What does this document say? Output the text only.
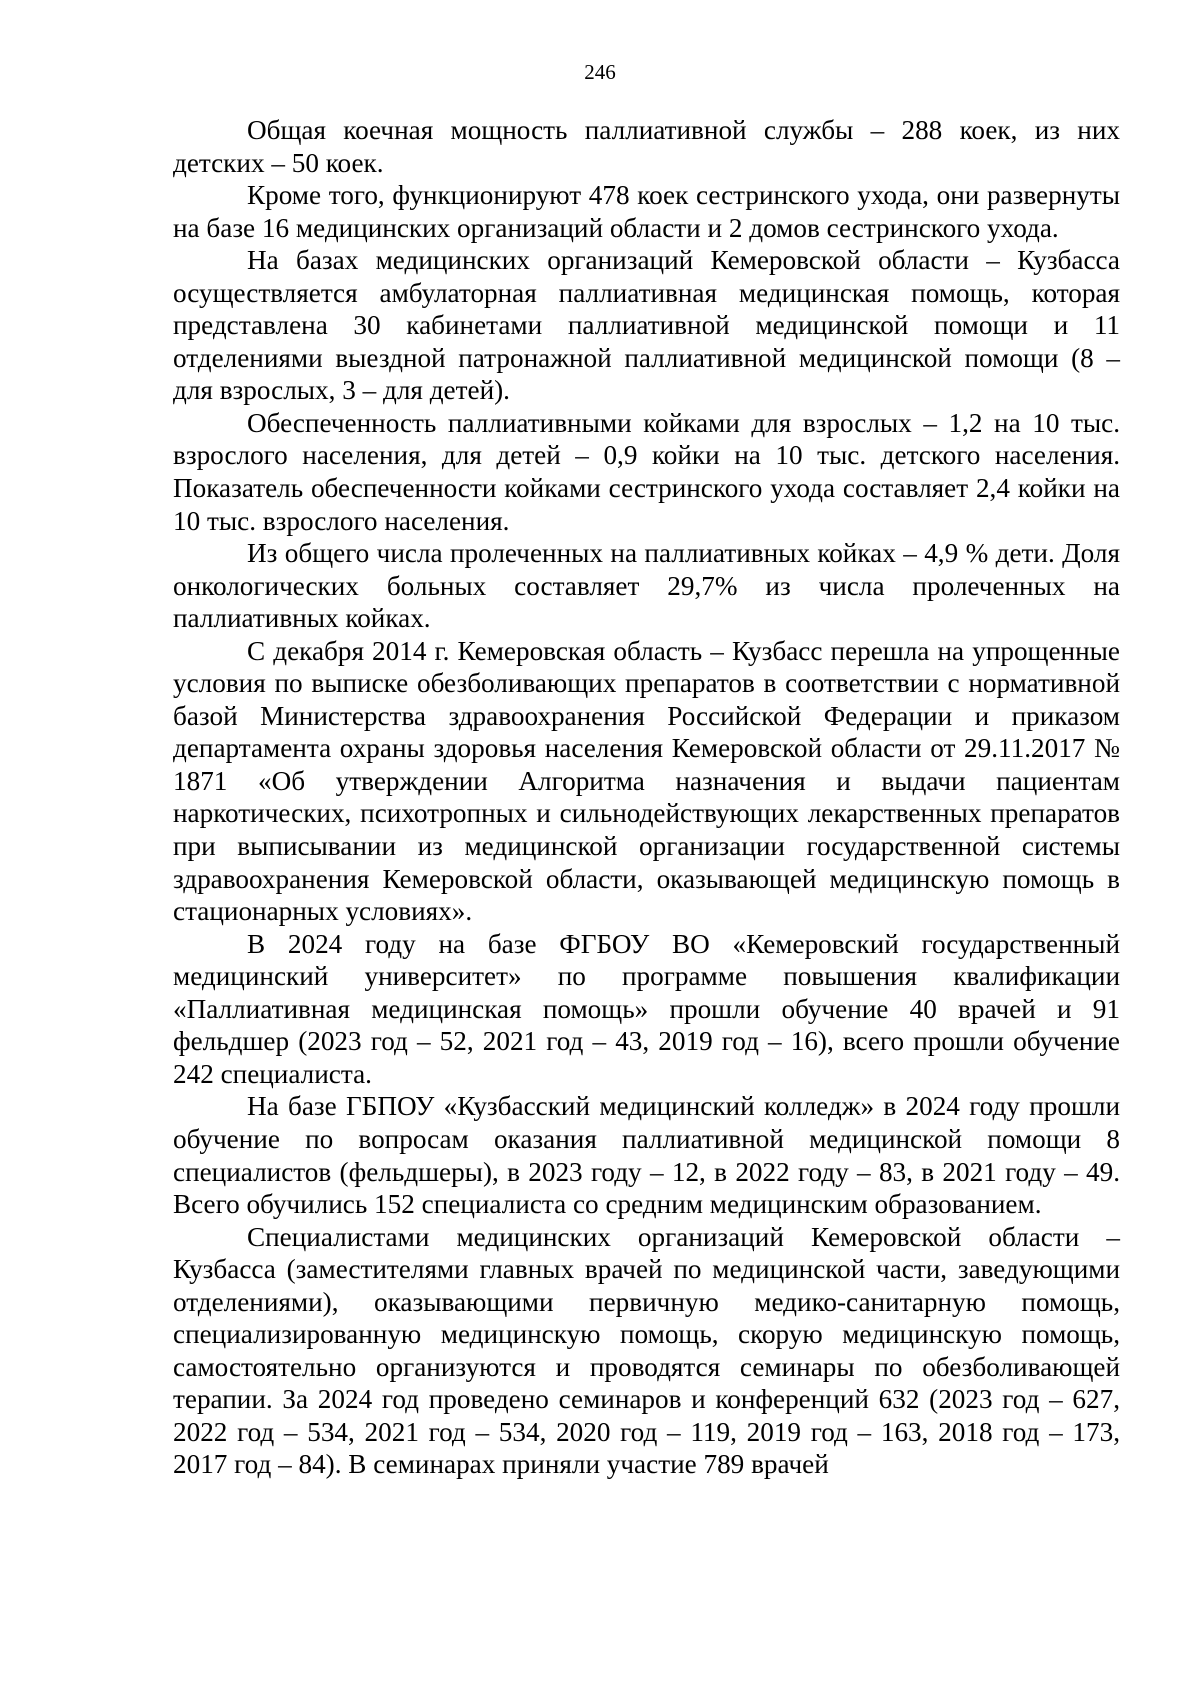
246

Общая коечная мощность паллиативной службы – 288 коек, из них детских – 50 коек.

Кроме того, функционируют 478 коек сестринского ухода, они развернуты на базе 16 медицинских организаций области и 2 домов сестринского ухода.

На базах медицинских организаций Кемеровской области – Кузбасса осуществляется амбулаторная паллиативная медицинская помощь, которая представлена 30 кабинетами паллиативной медицинской помощи и 11 отделениями выездной патронажной паллиативной медицинской помощи (8 – для взрослых, 3 – для детей).

Обеспеченность паллиативными койками для взрослых – 1,2 на 10 тыс. взрослого населения, для детей – 0,9 койки на 10 тыс. детского населения. Показатель обеспеченности койками сестринского ухода составляет 2,4 койки на 10 тыс. взрослого населения.

Из общего числа пролеченных на паллиативных койках – 4,9 % дети. Доля онкологических больных составляет 29,7% из числа пролеченных на паллиативных койках.

С декабря 2014 г. Кемеровская область – Кузбасс перешла на упрощенные условия по выписке обезболивающих препаратов в соответствии с нормативной базой Министерства здравоохранения Российской Федерации и приказом департамента охраны здоровья населения Кемеровской области от 29.11.2017 № 1871 «Об утверждении Алгоритма назначения и выдачи пациентам наркотических, психотропных и сильнодействующих лекарственных препаратов при выписывании из медицинской организации государственной системы здравоохранения Кемеровской области, оказывающей медицинскую помощь в стационарных условиях».

В 2024 году на базе ФГБОУ ВО «Кемеровский государственный медицинский университет» по программе повышения квалификации «Паллиативная медицинская помощь» прошли обучение 40 врачей и 91 фельдшер (2023 год – 52, 2021 год – 43, 2019 год – 16), всего прошли обучение 242 специалиста.

На базе ГБПОУ «Кузбасский медицинский колледж» в 2024 году прошли обучение по вопросам оказания паллиативной медицинской помощи 8 специалистов (фельдшеры), в 2023 году – 12, в 2022 году – 83, в 2021 году – 49. Всего обучились 152 специалиста со средним медицинским образованием.

Специалистами медицинских организаций Кемеровской области – Кузбасса (заместителями главных врачей по медицинской части, заведующими отделениями), оказывающими первичную медико-санитарную помощь, специализированную медицинскую помощь, скорую медицинскую помощь, самостоятельно организуются и проводятся семинары по обезболивающей терапии. За 2024 год проведено семинаров и конференций 632 (2023 год – 627, 2022 год – 534, 2021 год – 534, 2020 год – 119, 2019 год – 163, 2018 год – 173, 2017 год – 84). В семинарах приняли участие 789 врачей
